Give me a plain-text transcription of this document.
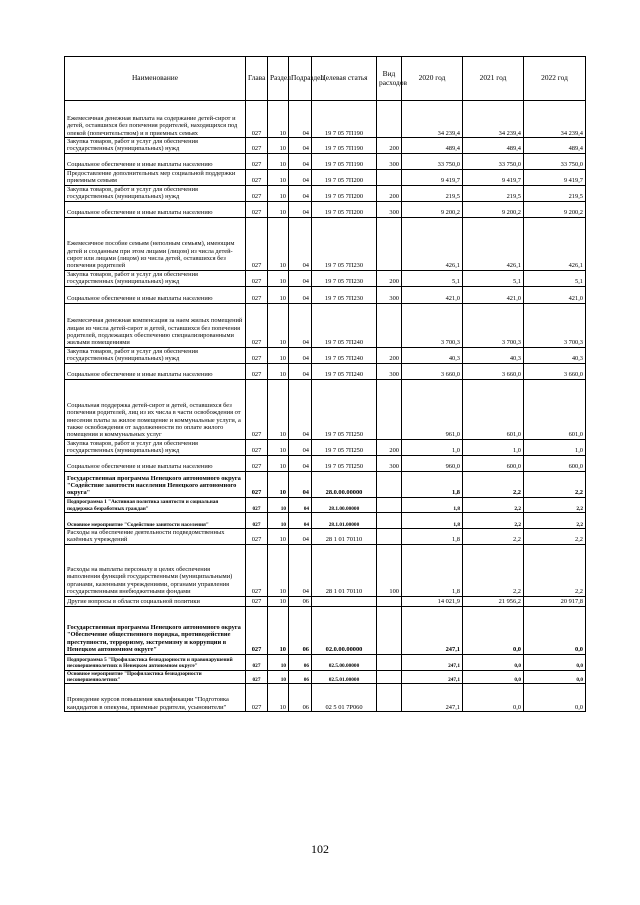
Наименование	Глава	Раздел	Подраздел	Целевая статья	Вид расходов	2020 год	2021 год	2022 год
Ежемесячная денежная выплата на содержание детей-сирот и детей, оставшихся без попечения родителей, находящихся под опекой (попечительством) и в приемных семьях	027	10	04	19 7 05 7П190		34 239,4	34 239,4	34 239,4
Закупка товаров, работ и услуг для обеспечения государственных (муниципальных) нужд	027	10	04	19 7 05 7П190	200	489,4	489,4	489,4
Социальное обеспечение и иные выплаты населению	027	10	04	19 7 05 7П190	300	33 750,0	33 750,0	33 750,0
Предоставление дополнительных мер социальной поддержки приемным семьям	027	10	04	19 7 05 7П200		9 419,7	9 419,7	9 419,7
Закупка товаров, работ и услуг для обеспечения государственных (муниципальных) нужд	027	10	04	19 7 05 7П200	200	219,5	219,5	219,5
Социальное обеспечение и иные выплаты населению	027	10	04	19 7 05 7П200	300	9 200,2	9 200,2	9 200,2
Ежемесячное пособие семьям (неполным семьям), имеющим детей и созданным при этом лицами (лицом) из числа детей-сирот или лицами (лицом) из числа детей, оставшихся без попечения родителей	027	10	04	19 7 05 7П230		426,1	426,1	426,1
Закупка товаров, работ и услуг для обеспечения государственных (муниципальных) нужд	027	10	04	19 7 05 7П230	200	5,1	5,1	5,1
Социальное обеспечение и иные выплаты населению	027	10	04	19 7 05 7П230	300	421,0	421,0	421,0
Ежемесячная денежная компенсация за наем жилых помещений лицам из числа детей-сирот и детей, оставшихся без попечения родителей, подлежащих обеспечению специализированными жилыми помещениями	027	10	04	19 7 05 7П240		3 700,3	3 700,3	3 700,3
Закупка товаров, работ и услуг для обеспечения государственных (муниципальных) нужд	027	10	04	19 7 05 7П240	200	40,3	40,3	40,3
Социальное обеспечение и иные выплаты населению	027	10	04	19 7 05 7П240	300	3 660,0	3 660,0	3 660,0
Социальная поддержка детей-сирот и детей, оставшихся без попечения родителей, лиц из их числа в части освобождения от внесения платы за жилое помещение и коммунальные услуги, а также освобождения от задолженности по оплате жилого помещения и коммунальных услуг	027	10	04	19 7 05 7П250		961,0	601,0	601,0
Закупка товаров, работ и услуг для обеспечения государственных (муниципальных) нужд	027	10	04	19 7 05 7П250	200	1,0	1,0	1,0
Социальное обеспечение и иные выплаты населению	027	10	04	19 7 05 7П250	300	960,0	600,0	600,0
Государственная программа Ненецкого автономного округа "Содействие занятости населения Ненецкого автономного округа"	027	10	04	28.0.00.00000		1,8	2,2	2,2
Подпрограмма 1 "Активная политика занятости и социальная поддержка безработных граждан"	027	10	04	28.1.00.00000		1,8	2,2	2,2
Основное мероприятие "Содействие занятости населения"	027	10	04	28.1.01.00000		1,8	2,2	2,2
Расходы на обеспечение деятельности подведомственных казённых учреждений	027	10	04	28 1 01 70110		1,8	2,2	2,2
Расходы на выплаты персоналу в целях обеспечения выполнения функций государственными (муниципальными) органами, казенными учреждениями, органами управления государственными внебюджетными фондами	027	10	04	28 1 01 70110	100	1,8	2,2	2,2
Другие вопросы в области социальной политики	027	10	06			14 021,9	21 956,2	20 917,8
Государственная программа Ненецкого автономного округа "Обеспечение общественного порядка, противодействие преступности, терроризму, экстремизму и коррупции в Ненецком автономном округе"	027	10	06	02.0.00.00000		247,1	0,0	0,0
Подпрограмма 5 "Профилактика безнадзорности и правонарушений несовершеннолетних в Ненецком автономном округе"	027	10	06	02.5.00.00000		247,1	0,0	0,0
Основное мероприятие "Профилактика безнадзорности несовершеннолетних"	027	10	06	02.5.01.00000		247,1	0,0	0,0
Проведение курсов повышения квалификации "Подготовка кандидатов в опекуны, приемные родители, усыновители"	027	10	06	02 5 01 7Р060		247,1	0,0	0,0
102
